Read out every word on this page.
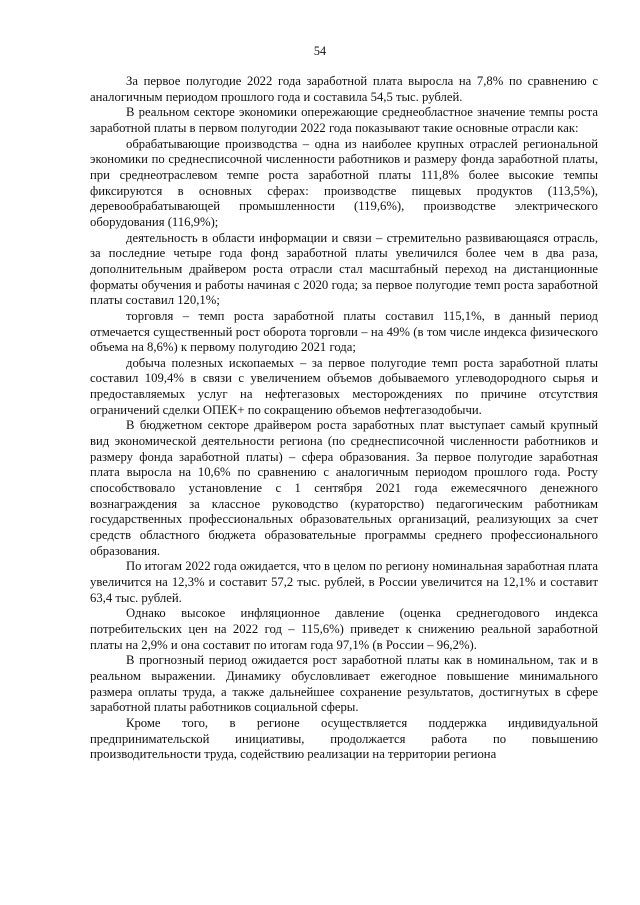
54

За первое полугодие 2022 года заработной плата выросла на 7,8% по сравнению с аналогичным периодом прошлого года и составила 54,5 тыс. рублей.

В реальном секторе экономики опережающие среднеобластное значение темпы роста заработной платы в первом полугодии 2022 года показывают такие основные отрасли как:

обрабатывающие производства – одна из наиболее крупных отраслей региональной экономики по среднесписочной численности работников и размеру фонда заработной платы, при среднеотраслевом темпе роста заработной платы 111,8% более высокие темпы фиксируются в основных сферах: производстве пищевых продуктов (113,5%), деревообрабатывающей промышленности (119,6%), производстве электрического оборудования (116,9%);

деятельность в области информации и связи – стремительно развивающаяся отрасль, за последние четыре года фонд заработной платы увеличился более чем в два раза, дополнительным драйвером роста отрасли стал масштабный переход на дистанционные форматы обучения и работы начиная с 2020 года; за первое полугодие темп роста заработной платы составил 120,1%;

торговля – темп роста заработной платы составил 115,1%, в данный период отмечается существенный рост оборота торговли – на 49% (в том числе индекса физического объема на 8,6%) к первому полугодию 2021 года;

добыча полезных ископаемых – за первое полугодие темп роста заработной платы составил 109,4% в связи с увеличением объемов добываемого углеводородного сырья и предоставляемых услуг на нефтегазовых месторождениях по причине отсутствия ограничений сделки ОПЕК+ по сокращению объемов нефтегазодобычи.

В бюджетном секторе драйвером роста заработных плат выступает самый крупный вид экономической деятельности региона (по среднесписочной численности работников и размеру фонда заработной платы) – сфера образования. За первое полугодие заработная плата выросла на 10,6% по сравнению с аналогичным периодом прошлого года. Росту способствовало установление с 1 сентября 2021 года ежемесячного денежного вознаграждения за классное руководство (кураторство) педагогическим работникам государственных профессиональных образовательных организаций, реализующих за счет средств областного бюджета образовательные программы среднего профессионального образования.

По итогам 2022 года ожидается, что в целом по региону номинальная заработная плата увеличится на 12,3% и составит 57,2 тыс. рублей, в России увеличится на 12,1% и составит 63,4 тыс. рублей.

Однако высокое инфляционное давление (оценка среднегодового индекса потребительских цен на 2022 год – 115,6%) приведет к снижению реальной заработной платы на 2,9% и она составит по итогам года 97,1% (в России – 96,2%).

В прогнозный период ожидается рост заработной платы как в номинальном, так и в реальном выражении. Динамику обусловливает ежегодное повышение минимального размера оплаты труда, а также дальнейшее сохранение результатов, достигнутых в сфере заработной платы работников социальной сферы.

Кроме того, в регионе осуществляется поддержка индивидуальной предпринимательской инициативы, продолжается работа по повышению производительности труда, содействию реализации на территории региона
